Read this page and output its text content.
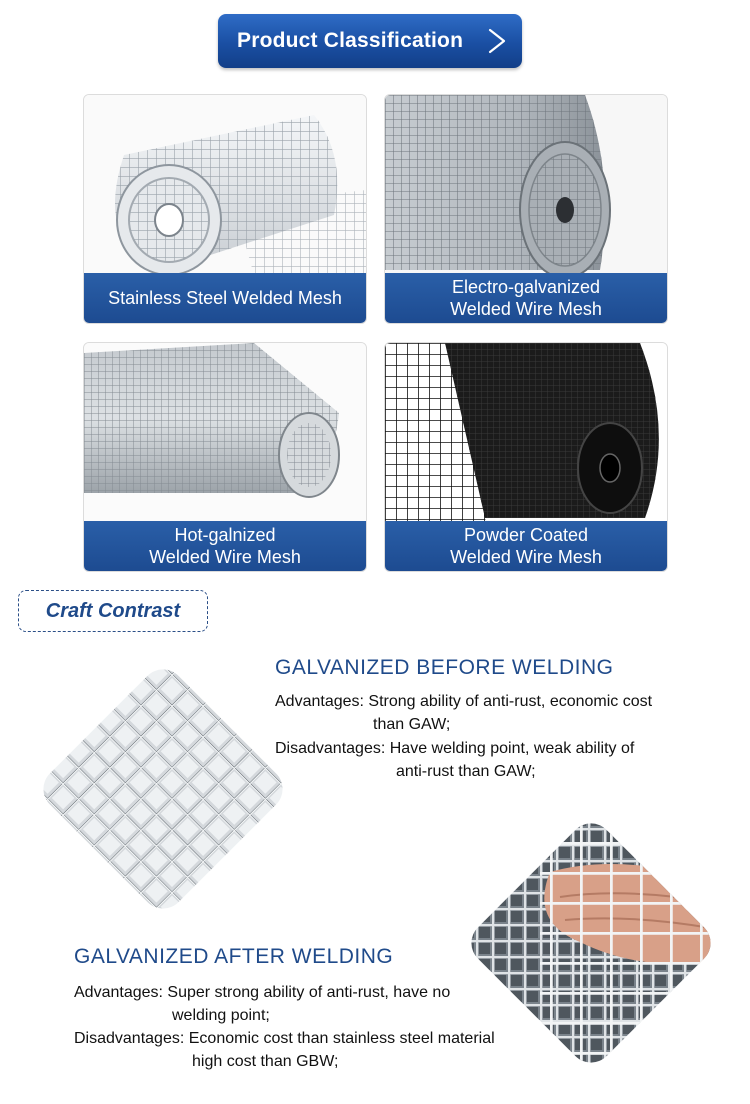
Product Classification
Stainless Steel Welded Mesh
Electro-galvanized
Welded Wire Mesh
Hot-galnized
Welded Wire Mesh
Powder Coated
Welded Wire Mesh
Craft Contrast
GALVANIZED BEFORE WELDING
Advantages: Strong ability of anti-rust, economic cost
than GAW;
Disadvantages: Have welding point, weak ability of
anti-rust than GAW;
GALVANIZED AFTER WELDING
Advantages: Super strong ability of anti-rust, have no
welding point;
Disadvantages: Economic cost than stainless steel material
high cost than GBW;
